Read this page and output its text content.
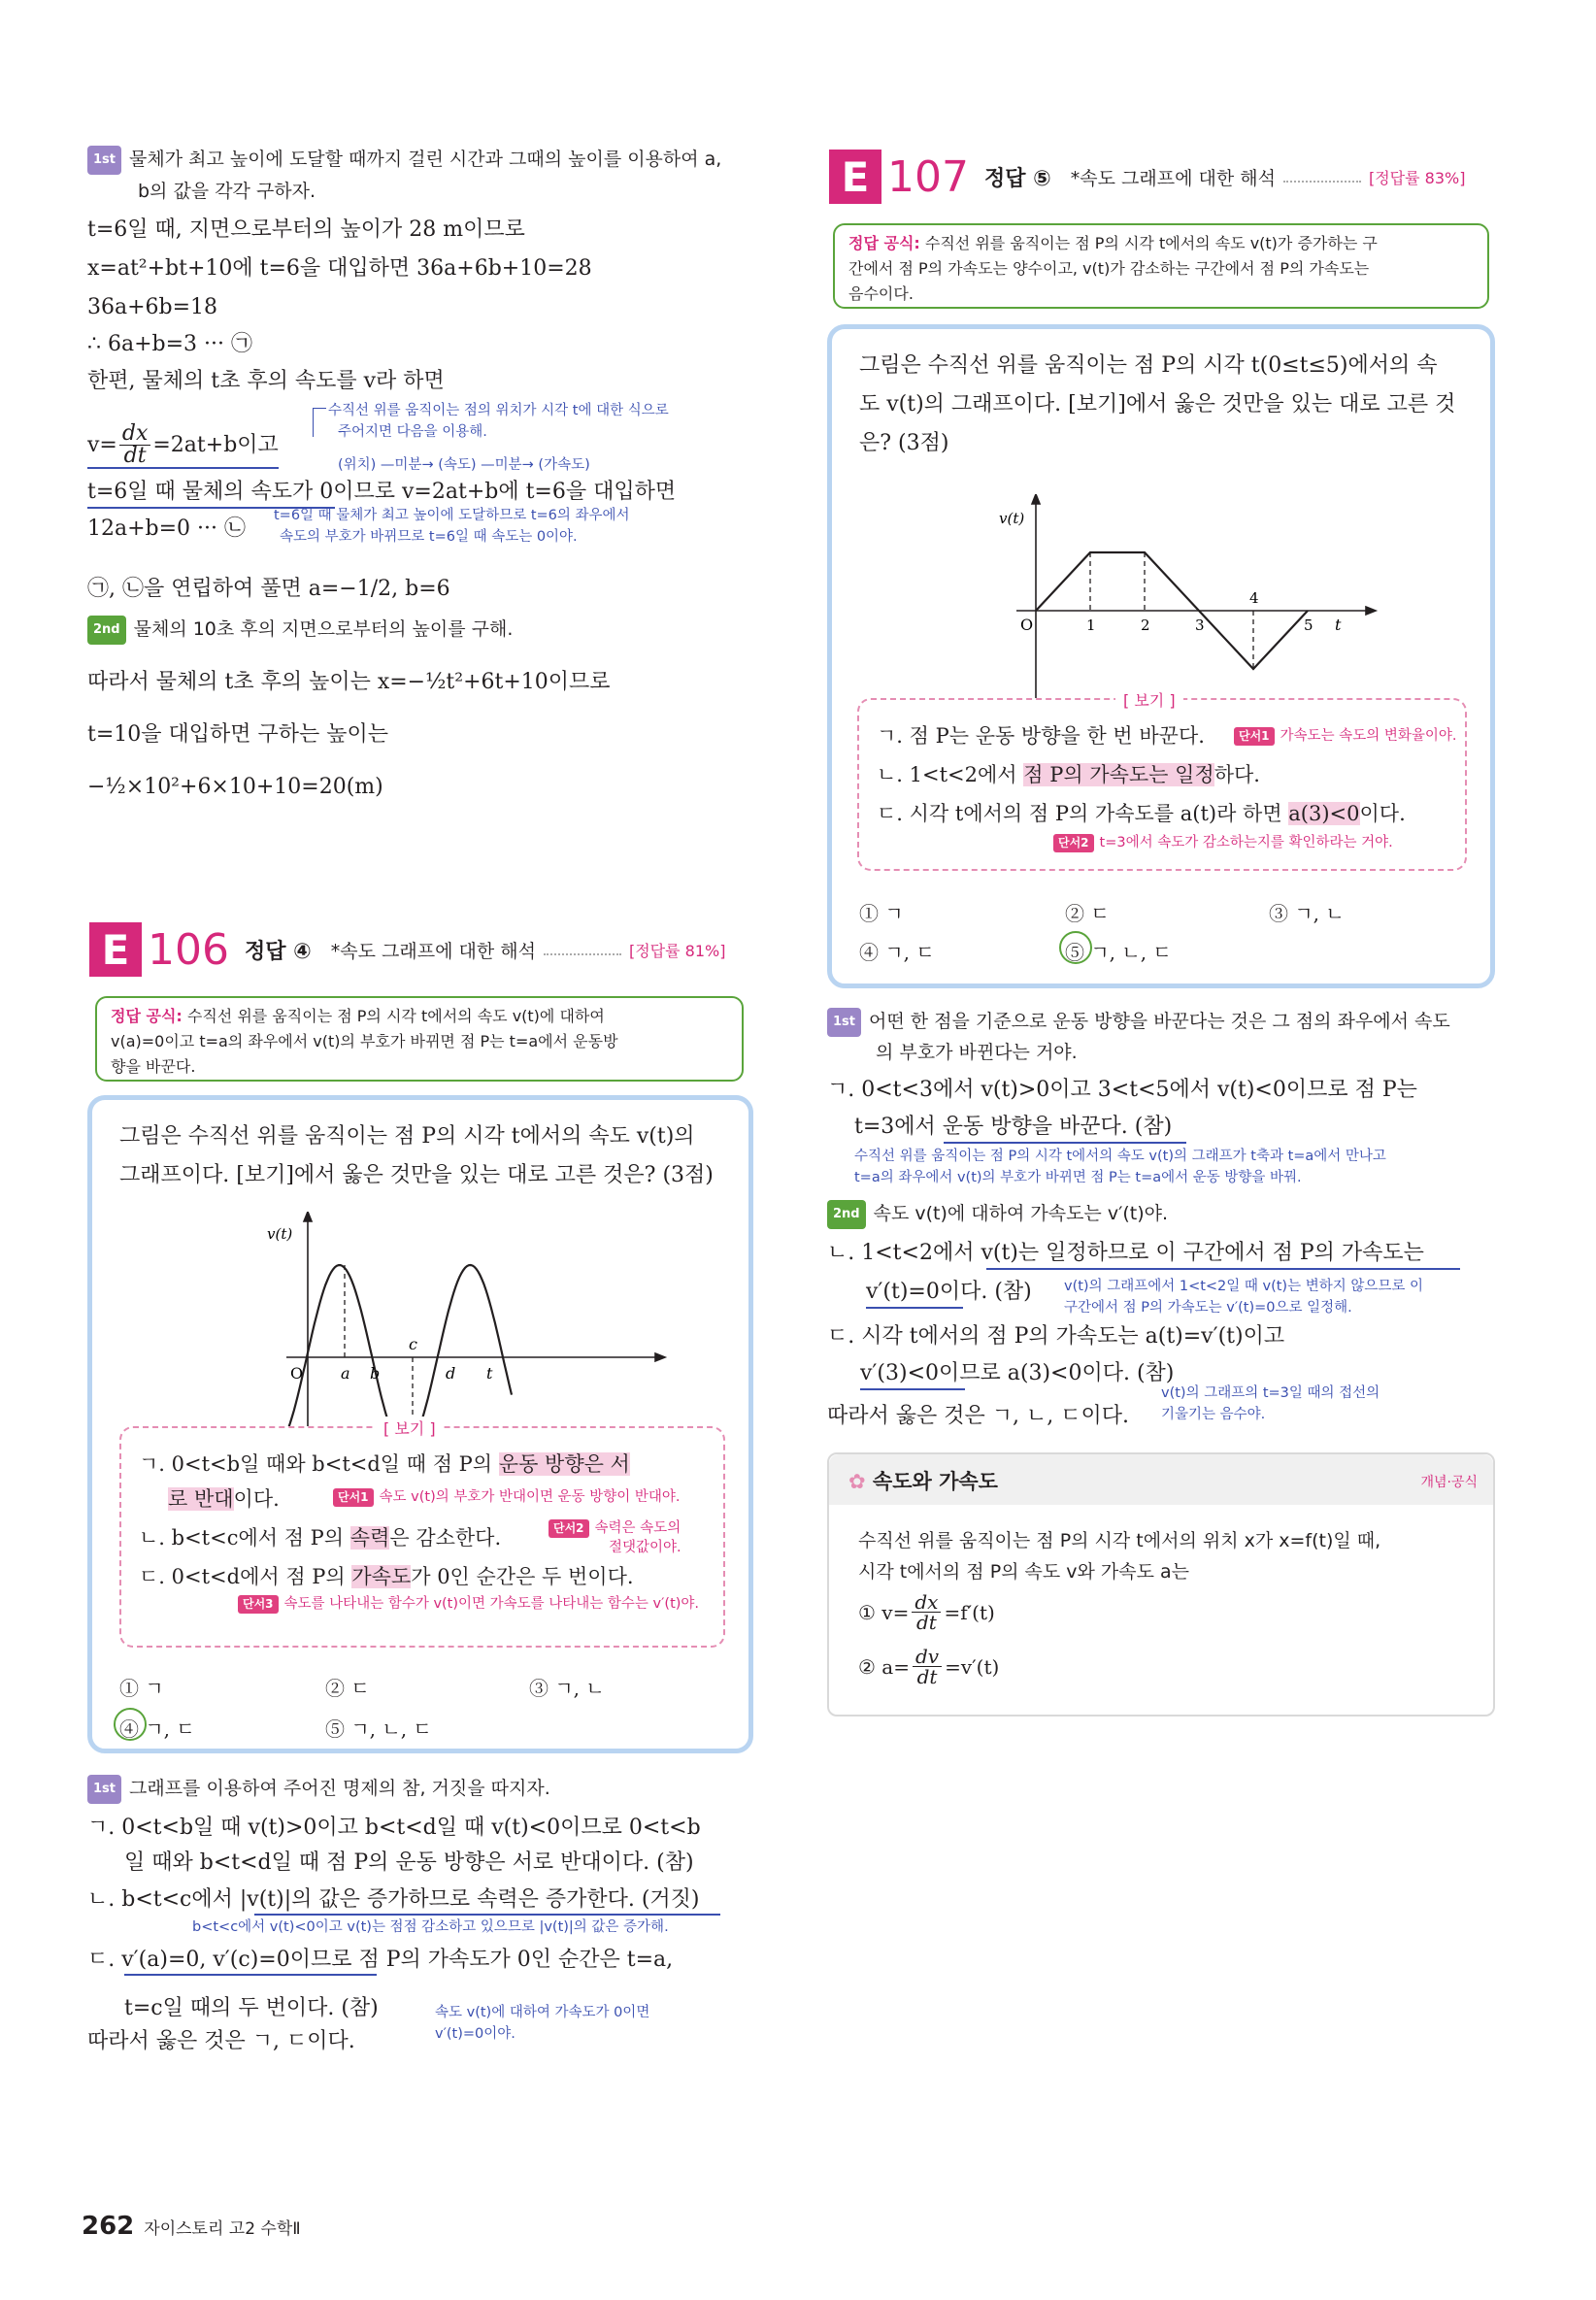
1st 물체가 최고 높이에 도달할 때까지 걸린 시간과 그때의 높이를 이용하여 a,
b의 값을 각각 구하자.
t=6일 때, 지면으로부터의 높이가 28 m이므로
x=at²+bt+10에 t=6을 대입하면 36a+6b+10=28
36a+6b=18
∴ 6a+b=3 ··· ㉠
한편, 물체의 t초 후의 속도를 v라 하면
$v= \frac{dx}{dt} =2at+b$이고
수직선 위를 움직이는 점의 위치가 시각 t에 대한 식으로
주어지면 다음을 이용해.
(위치) —미분→ (속도) —미분→ (가속도)
t=6일 때 물체의 속도가 0이므로 v=2at+b에 t=6을 대입하면
12a+b=0 ··· ㉡
t=6일 때 물체가 최고 높이에 도달하므로 t=6의 좌우에서
속도의 부호가 바뀌므로 t=6일 때 속도는 0이야.
㉠, ㉡을 연립하여 풀면 a=−1/2, b=6
2nd 물체의 10초 후의 지면으로부터의 높이를 구해.
따라서 물체의 t초 후의 높이는 x=−½t²+6t+10이므로
t=10을 대입하면 구하는 높이는
−½×10²+6×10+10=20(m)
E 106 정답 ④ *속도 그래프에 대한 해석	[정답률 81%]
정답 공식: 수직선 위를 움직이는 점 P의 시각 t에서의 속도 v(t)에 대하여
v(a)=0이고 t=a의 좌우에서 v(t)의 부호가 바뀌면 점 P는 t=a에서 운동방
향을 바꾼다.
그림은 수직선 위를 움직이는 점 P의 시각 t에서의 속도 v(t)의
그래프이다. [보기]에서 옳은 것만을 있는 대로 고른 것은? (3점)
v(t)
O a b
c
d t
[ 보기 ]
ㄱ. 0<t<b일 때와 b<t<d일 때 점 P의 운동 방향은 서
로 반대이다.	단서1 속도 v(t)의 부호가 반대이면 운동 방향이 반대야.
ㄴ. b<t<c에서 점 P의 속력은 감소한다.	단서2 속력은 속도의
절댓값이야.
ㄷ. 0<t<d에서 점 P의 가속도가 0인 순간은 두 번이다.
단서3 속도를 나타내는 함수가 v(t)이면 가속도를 나타내는 함수는 v′(t)야.
① ㄱ	② ㄷ	③ ㄱ, ㄴ
④ ㄱ, ㄷ	⑤ ㄱ, ㄴ, ㄷ
1st 그래프를 이용하여 주어진 명제의 참, 거짓을 따지자.
ㄱ. 0<t<b일 때 v(t)>0이고 b<t<d일 때 v(t)<0이므로 0<t<b
일 때와 b<t<d일 때 점 P의 운동 방향은 서로 반대이다. (참)
ㄴ. b<t<c에서 |v(t)|의 값은 증가하므로 속력은 증가한다. (거짓)
b<t<c에서 v(t)<0이고 v(t)는 점점 감소하고 있으므로 |v(t)|의 값은 증가해.
ㄷ. v′(a)=0, v′(c)=0이므로 점 P의 가속도가 0인 순간은 t=a,
t=c일 때의 두 번이다. (참)	속도 v(t)에 대하여 가속도가 0이면
v′(t)=0이야.
따라서 옳은 것은 ㄱ, ㄷ이다.
E 107 정답 ⑤ *속도 그래프에 대한 해석	[정답률 83%]
정답 공식: 수직선 위를 움직이는 점 P의 시각 t에서의 속도 v(t)가 증가하는 구
간에서 점 P의 가속도는 양수이고, v(t)가 감소하는 구간에서 점 P의 가속도는
음수이다.
그림은 수직선 위를 움직이는 점 P의 시각 t(0≤t≤5)에서의 속
도 v(t)의 그래프이다. [보기]에서 옳은 것만을 있는 대로 고른 것
은? (3점)
v(t)
O	1	2	3
4
5 t
[ 보기 ]
ㄱ. 점 P는 운동 방향을 한 번 바꾼다.	단서1 가속도는 속도의 변화율이야.
ㄴ. 1<t<2에서 점 P의 가속도는 일정하다.
ㄷ. 시각 t에서의 점 P의 가속도를 a(t)라 하면 a(3)<0이다.
단서2 t=3에서 속도가 감소하는지를 확인하라는 거야.
① ㄱ	② ㄷ	③ ㄱ, ㄴ
④ ㄱ, ㄷ	⑤ ㄱ, ㄴ, ㄷ
1st 어떤 한 점을 기준으로 운동 방향을 바꾼다는 것은 그 점의 좌우에서 속도
의 부호가 바뀐다는 거야.
ㄱ. 0<t<3에서 v(t)>0이고 3<t<5에서 v(t)<0이므로 점 P는
t=3에서 운동 방향을 바꾼다. (참)
수직선 위를 움직이는 점 P의 시각 t에서의 속도 v(t)의 그래프가 t축과 t=a에서 만나고
t=a의 좌우에서 v(t)의 부호가 바뀌면 점 P는 t=a에서 운동 방향을 바꿔.
2nd 속도 v(t)에 대하여 가속도는 v′(t)야.
ㄴ. 1<t<2에서 v(t)는 일정하므로 이 구간에서 점 P의 가속도는
v′(t)=0이다. (참) v(t)의 그래프에서 1<t<2일 때 v(t)는 변하지 않으므로 이
구간에서 점 P의 가속도는 v′(t)=0으로 일정해.
ㄷ. 시각 t에서의 점 P의 가속도는 a(t)=v′(t)이고
v′(3)<0이므로 a(3)<0이다. (참)
v(t)의 그래프의 t=3일 때의 접선의
기울기는 음수야.
따라서 옳은 것은 ㄱ, ㄴ, ㄷ이다.
✿ 속도와 가속도	개념·공식
수직선 위를 움직이는 점 P의 시각 t에서의 위치 x가 x=f(t)일 때,
시각 t에서의 점 P의 속도 v와 가속도 a는
① $v= \frac{dx}{dt} =f'(t)$
② $a= \frac{dv}{dt} =v'(t)$
262 자이스토리 고2 수학Ⅱ
